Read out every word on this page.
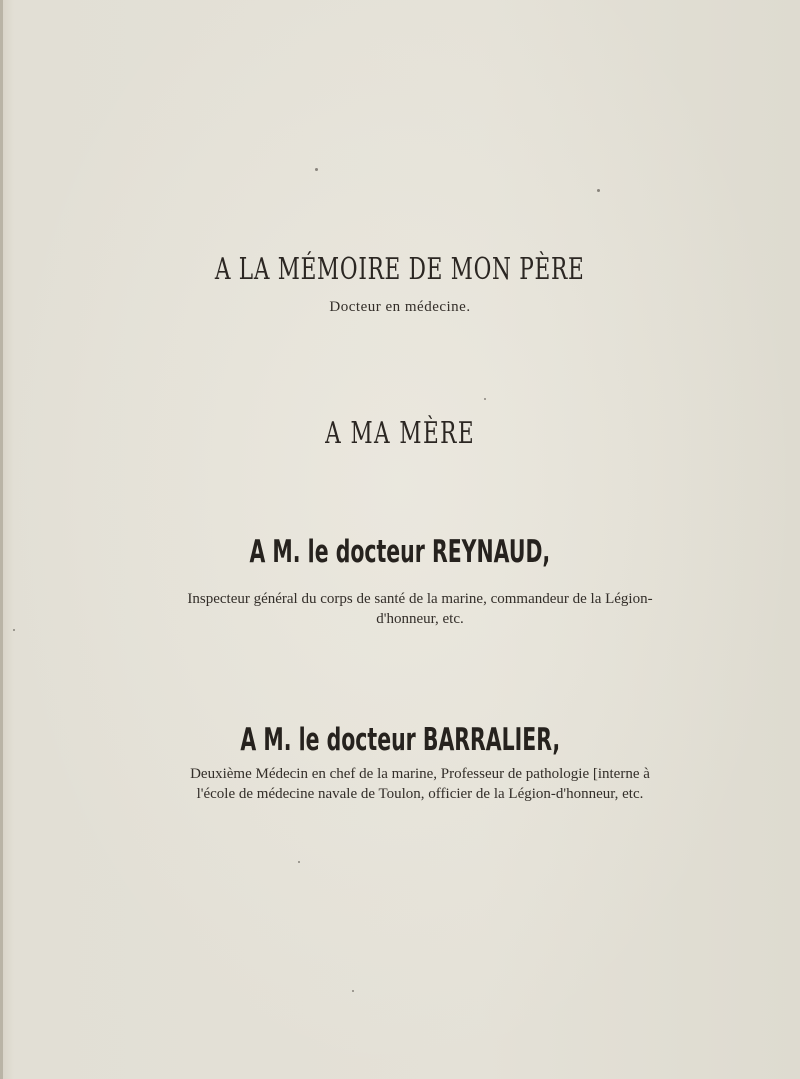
A LA MÉMOIRE DE MON PÈRE
Docteur en médecine.
A MA MÈRE
A M. le docteur REYNAUD,
Inspecteur général du corps de santé de la marine, commandeur de la Légion-
d'honneur, etc.
A M. le docteur BARRALIER,
Deuxième Médecin en chef de la marine, Professeur de pathologie [interne à
l'école de médecine navale de Toulon, officier de la Légion-d'honneur, etc.
